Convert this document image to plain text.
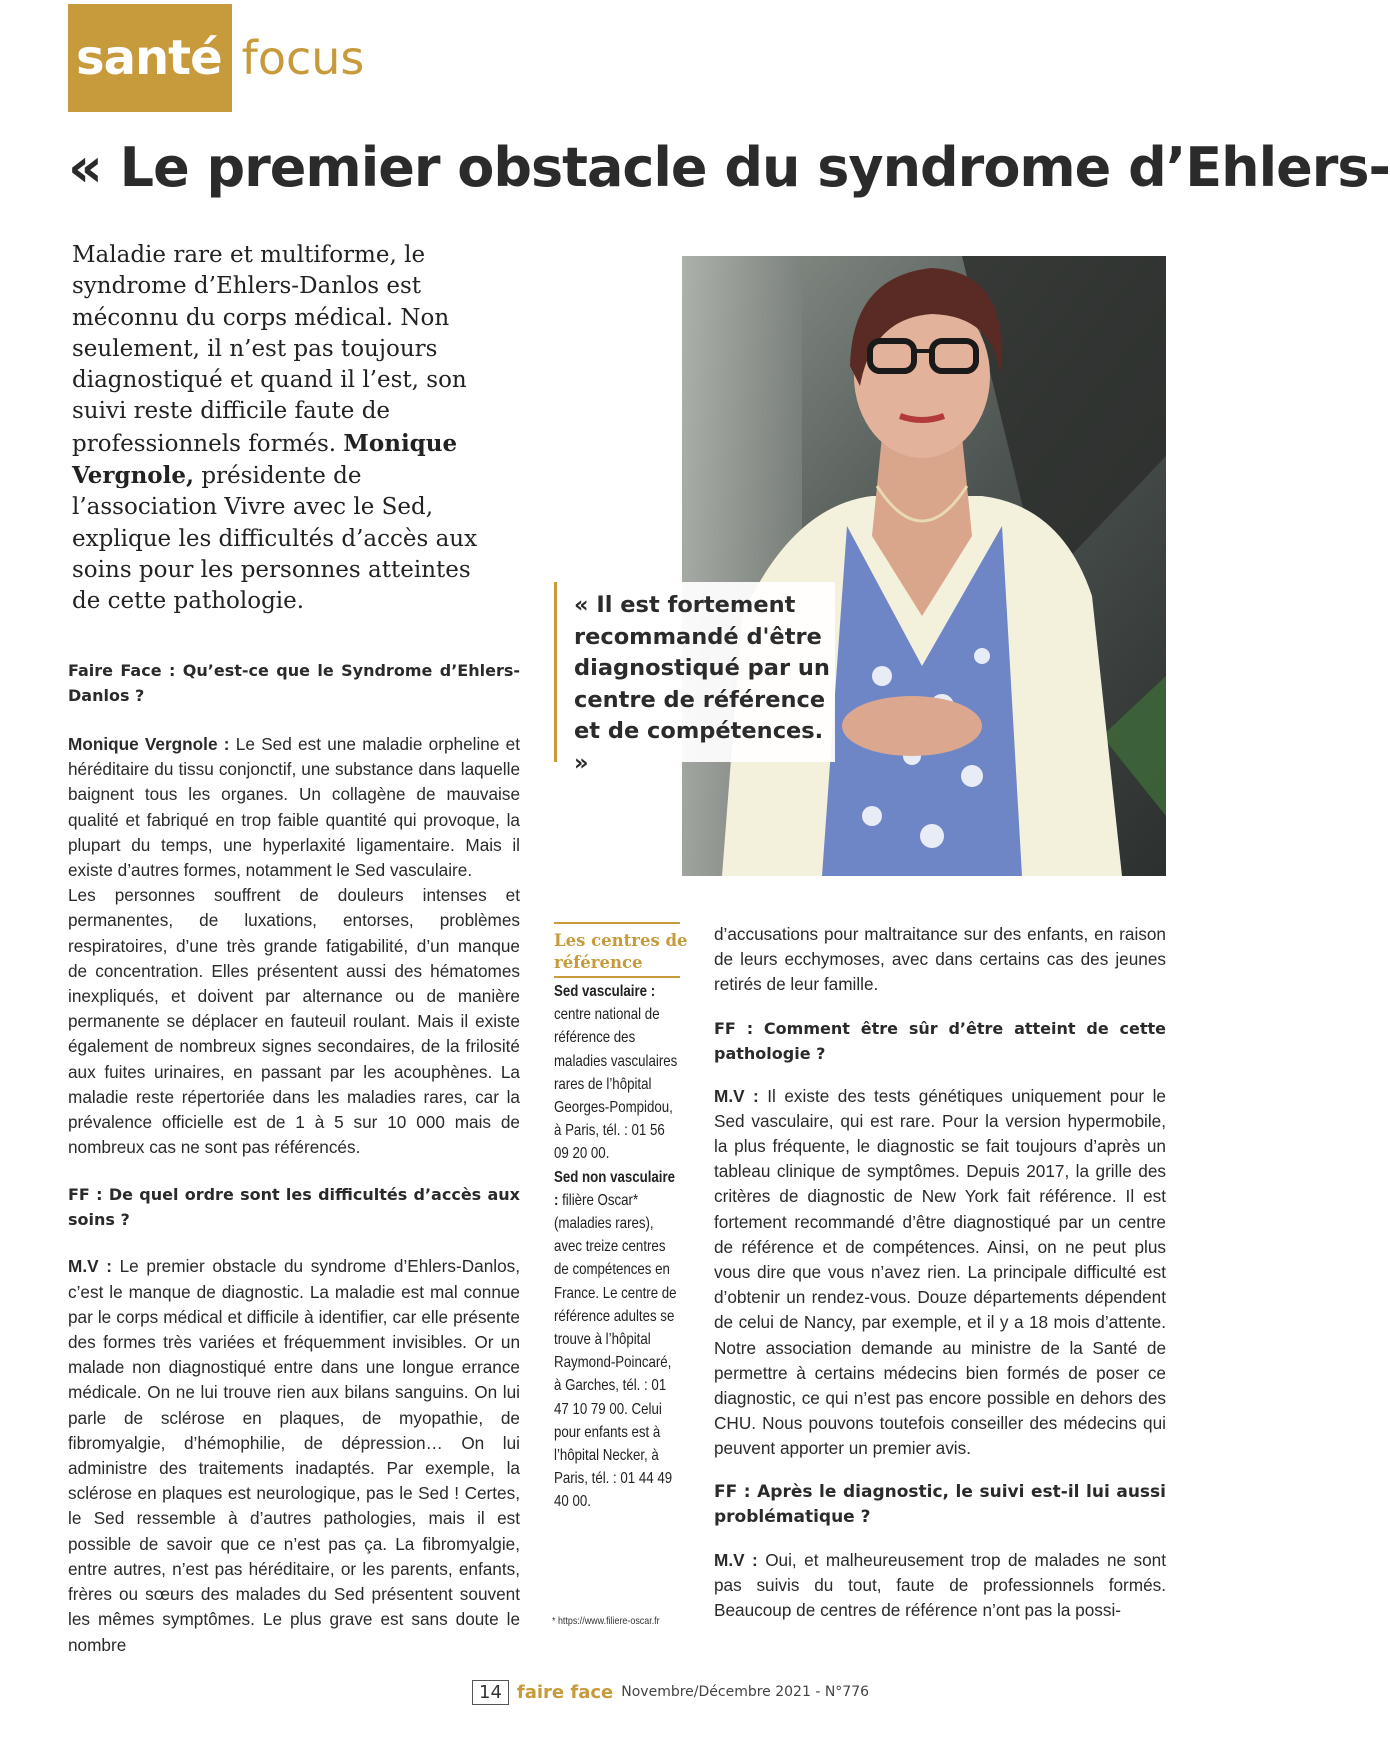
santé focus
« Le premier obstacle du syndrome d’Ehlers-
Maladie rare et multiforme, le syndrome d’Ehlers-Danlos est méconnu du corps médical. Non seulement, il n’est pas toujours diagnostiqué et quand il l’est, son suivi reste difficile faute de professionnels formés. Monique Vergnole, présidente de l’association Vivre avec le Sed, explique les difficultés d’accès aux soins pour les personnes atteintes de cette pathologie.	« Il est fortement recommandé d'être diagnostiqué par un centre de référence et de compétences. »

Faire Face : Qu’est-ce que le Syndrome d’Ehlers-Danlos ?

Monique Vergnole : Le Sed est une maladie orpheline et héréditaire du tissu conjonctif, une substance dans laquelle baignent tous les organes. Un collagène de mauvaise qualité et fabriqué en trop faible quantité qui provoque, la plupart du temps, une hyperlaxité ligamentaire. Mais il existe d’autres formes, notamment le Sed vasculaire.

Les personnes souffrent de douleurs intenses et permanentes, de luxations, entorses, problèmes respiratoires, d’une très grande fatigabilité, d’un manque de concentration. Elles présentent aussi des hématomes inexpliqués, et doivent par alternance ou de manière permanente se déplacer en fauteuil roulant. Mais il existe également de nombreux signes secondaires, de la frilosité aux fuites urinaires, en passant par les acouphènes. La maladie reste répertoriée dans les maladies rares, car la prévalence officielle est de 1 à 5 sur 10 000 mais de nombreux cas ne sont pas référencés.

FF : De quel ordre sont les difficultés d’accès aux soins ?

M.V : Le premier obstacle du syndrome d’Ehlers-Danlos, c’est le manque de diagnostic. La maladie est mal connue par le corps médical et difficile à identifier, car elle présente des formes très variées et fréquemment invisibles. Or un malade non diagnostiqué entre dans une longue errance médicale. On ne lui trouve rien aux bilans sanguins. On lui parle de sclérose en plaques, de myopathie, de fibromyalgie, d’hémophilie, de dépression… On lui administre des traitements inadaptés. Par exemple, la sclérose en plaques est neurologique, pas le Sed ! Certes, le Sed ressemble à d’autres pathologies, mais il est possible de savoir que ce n’est pas ça. La fibromyalgie, entre autres, n’est pas héréditaire, or les parents, enfants, frères ou sœurs des malades du Sed présentent souvent les mêmes symptômes. Le plus grave est sans doute le nombre

Les centres de référence
Sed vasculaire : centre national de référence des maladies vasculaires rares de l’hôpital Georges-Pompidou, à Paris, tél. : 01 56 09 20 00.
Sed non vasculaire : filière Oscar* (maladies rares), avec treize centres de compétences en France. Le centre de référence adultes se trouve à l’hôpital Raymond-Poincaré, à Garches, tél. : 01 47 10 79 00. Celui pour enfants est à l’hôpital Necker, à Paris, tél. : 01 44 49 40 00.
* https://www.filiere-oscar.fr

d’accusations pour maltraitance sur des enfants, en raison de leurs ecchymoses, avec dans certains cas des jeunes retirés de leur famille.

FF : Comment être sûr d’être atteint de cette pathologie ?

M.V : Il existe des tests génétiques uniquement pour le Sed vasculaire, qui est rare. Pour la version hypermobile, la plus fréquente, le diagnostic se fait toujours d’après un tableau clinique de symptômes. Depuis 2017, la grille des critères de diagnostic de New York fait référence. Il est fortement recommandé d’être diagnostiqué par un centre de référence et de compétences. Ainsi, on ne peut plus vous dire que vous n’avez rien. La principale difficulté est d’obtenir un rendez-vous. Douze départements dépendent de celui de Nancy, par exemple, et il y a 18 mois d’attente. Notre association demande au ministre de la Santé de permettre à certains médecins bien formés de poser ce diagnostic, ce qui n’est pas encore possible en dehors des CHU. Nous pouvons toutefois conseiller des médecins qui peuvent apporter un premier avis.

FF : Après le diagnostic, le suivi est-il lui aussi problématique ?

M.V : Oui, et malheureusement trop de malades ne sont pas suivis du tout, faute de professionnels formés. Beaucoup de centres de référence n’ont pas la possi-

14 faire face Novembre/Décembre 2021 - N°776
